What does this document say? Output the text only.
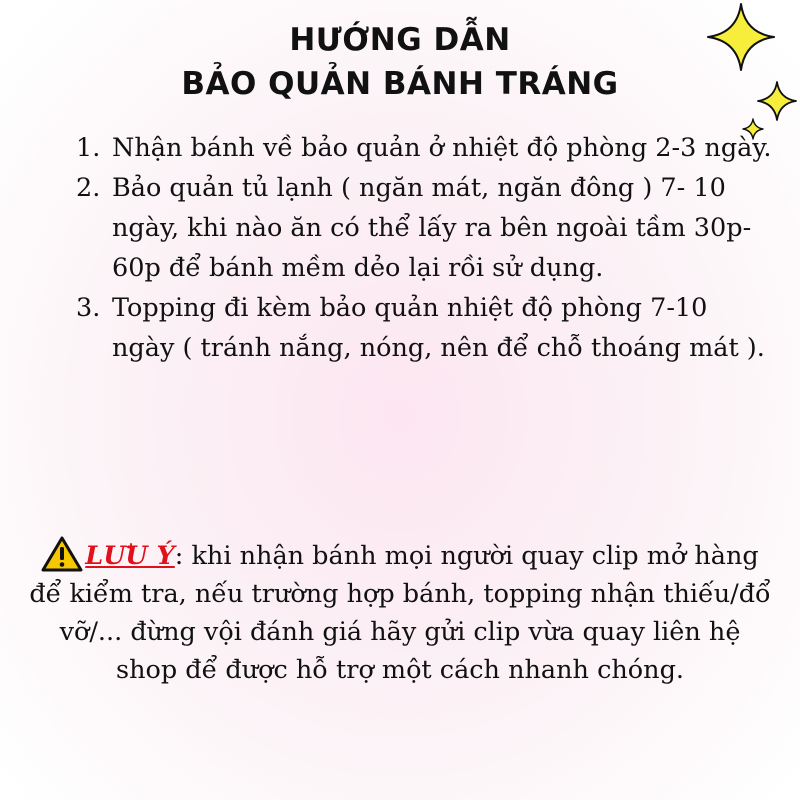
HƯỚNG DẪN
BẢO QUẢN BÁNH TRÁNG
1. Nhận bánh về bảo quản ở nhiệt độ phòng 2-3 ngày.
2. Bảo quản tủ lạnh ( ngăn mát, ngăn đông ) 7- 10 ngày, khi nào ăn có thể lấy ra bên ngoài tầm 30p-60p để bánh mềm dẻo lại rồi sử dụng.
3. Topping đi kèm bảo quản nhiệt độ phòng 7-10 ngày ( tránh nắng, nóng, nên để chỗ thoáng mát ).
LƯU Ý: khi nhận bánh mọi người quay clip mở hàng để kiểm tra, nếu trường hợp bánh, topping nhận thiếu/đổ vỡ/... đừng vội đánh giá hãy gửi clip vừa quay liên hệ shop để được hỗ trợ một cách nhanh chóng.
